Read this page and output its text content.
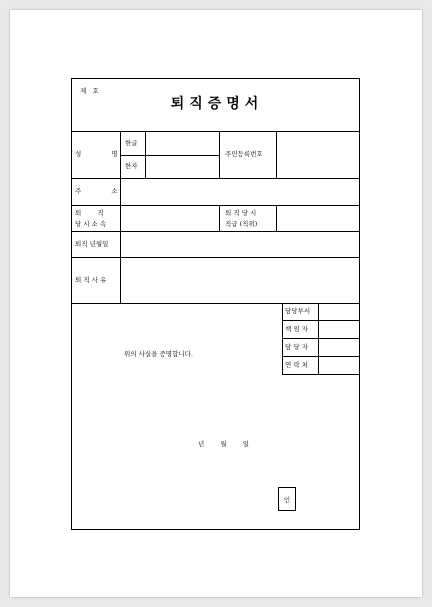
제 호
퇴직증명서
성 명
한글
한자
주민등록번호
주 소
퇴 직
당시소속
퇴 직 당 시
직급 (직위)
퇴직 년월일
퇴 직 사 유
위의 사실을 증명합니다.
년 월 일
담당부서
책 임 자
담 당 자
연 락 처
인
